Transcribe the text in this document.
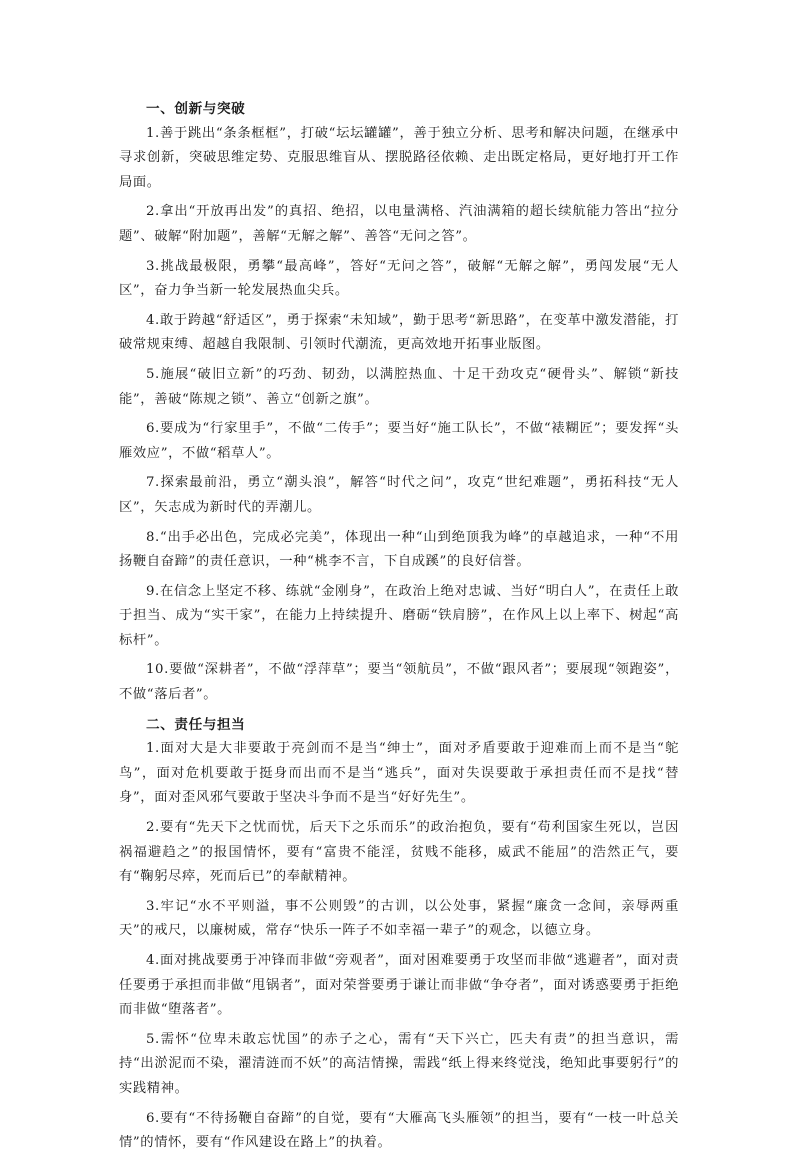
一、创新与突破

1.善于跳出“条条框框”，打破“坛坛罐罐”，善于独立分析、思考和解决问题，在继承中寻求创新，突破思维定势、克服思维盲从、摆脱路径依赖、走出既定格局，更好地打开工作局面。

2.拿出“开放再出发”的真招、绝招，以电量满格、汽油满箱的超长续航能力答出“拉分题”、破解“附加题”，善解“无解之解”、善答“无问之答”。

3.挑战最极限，勇攀“最高峰”，答好“无问之答”，破解“无解之解”，勇闯发展“无人区”，奋力争当新一轮发展热血尖兵。

4.敢于跨越“舒适区”，勇于探索“未知域”，勤于思考“新思路”，在变革中激发潜能，打破常规束缚、超越自我限制、引领时代潮流，更高效地开拓事业版图。

5.施展“破旧立新”的巧劲、韧劲，以满腔热血、十足干劲攻克“硬骨头”、解锁“新技能”，善破“陈规之锁”、善立“创新之旗”。

6.要成为“行家里手”，不做“二传手”；要当好“施工队长”，不做“裱糊匠”；要发挥“头雁效应”，不做“稻草人”。

7.探索最前沿，勇立“潮头浪”，解答“时代之问”，攻克“世纪难题”，勇拓科技“无人区”，矢志成为新时代的弄潮儿。

8.“出手必出色，完成必完美”，体现出一种“山到绝顶我为峰”的卓越追求，一种“不用扬鞭自奋蹄”的责任意识，一种“桃李不言，下自成蹊”的良好信誉。

9.在信念上坚定不移、练就“金刚身”，在政治上绝对忠诚、当好“明白人”，在责任上敢于担当、成为“实干家”，在能力上持续提升、磨砺“铁肩膀”，在作风上以上率下、树起“高标杆”。

10.要做“深耕者”，不做“浮萍草”；要当“领航员”，不做“跟风者”；要展现“领跑姿”，不做“落后者”。

二、责任与担当

1.面对大是大非要敢于亮剑而不是当“绅士”，面对矛盾要敢于迎难而上而不是当“鸵鸟”，面对危机要敢于挺身而出而不是当“逃兵”，面对失误要敢于承担责任而不是找“替身”，面对歪风邪气要敢于坚决斗争而不是当“好好先生”。

2.要有“先天下之忧而忧，后天下之乐而乐”的政治抱负，要有“苟利国家生死以，岂因祸福避趋之”的报国情怀，要有“富贵不能淫，贫贱不能移，威武不能屈”的浩然正气，要有“鞠躬尽瘁，死而后已”的奉献精神。

3.牢记“水不平则溢，事不公则毁”的古训，以公处事，紧握“廉贪一念间，亲辱两重天”的戒尺，以廉树威，常存“快乐一阵子不如幸福一辈子”的观念，以德立身。

4.面对挑战要勇于冲锋而非做“旁观者”，面对困难要勇于攻坚而非做“逃避者”，面对责任要勇于承担而非做“甩锅者”，面对荣誉要勇于谦让而非做“争夺者”，面对诱惑要勇于拒绝而非做“堕落者”。

5.需怀“位卑未敢忘忧国”的赤子之心，需有“天下兴亡，匹夫有责”的担当意识，需持“出淤泥而不染，濯清涟而不妖”的高洁情操，需践“纸上得来终觉浅，绝知此事要躬行”的实践精神。

6.要有“不待扬鞭自奋蹄”的自觉，要有“大雁高飞头雁领”的担当，要有“一枝一叶总关情”的情怀，要有“作风建设在路上”的执着。
